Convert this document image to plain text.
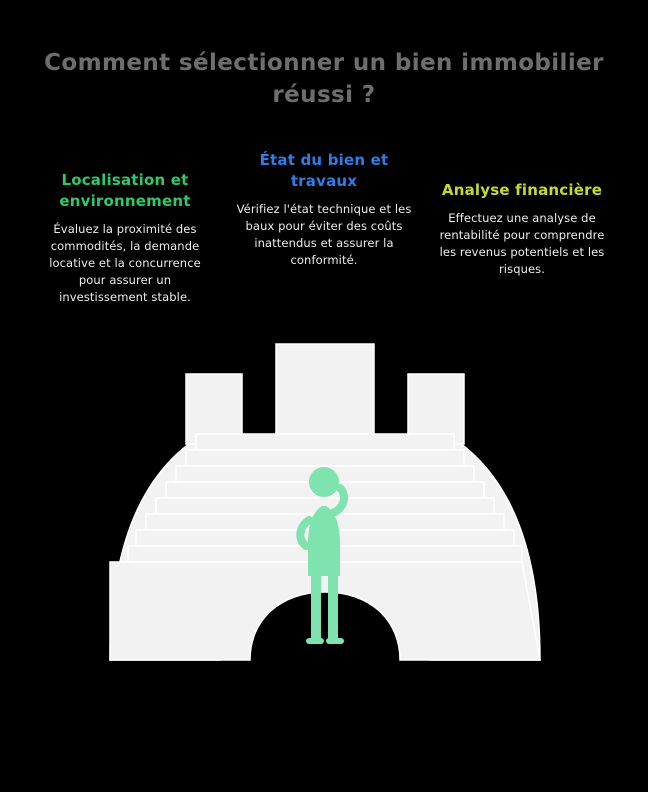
Comment sélectionner un bien immobilier réussi ?
Localisation et environnement
Évaluez la proximité des commodités, la demande locative et la concurrence pour assurer un investissement stable.
État du bien et travaux
Vérifiez l'état technique et les baux pour éviter des coûts inattendus et assurer la conformité.
Analyse financière
Effectuez une analyse de rentabilité pour comprendre les revenus potentiels et les risques.
